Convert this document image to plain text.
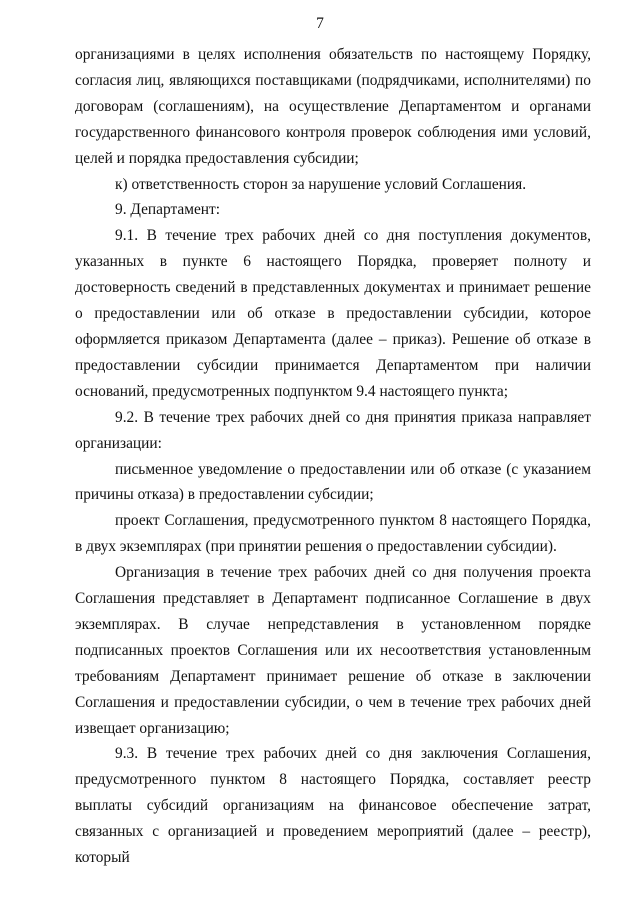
7

организациями в целях исполнения обязательств по настоящему Порядку, согласия лиц, являющихся поставщиками (подрядчиками, исполнителями) по договорам (соглашениям), на осуществление Департаментом и органами государственного финансового контроля проверок соблюдения ими условий, целей и порядка предоставления субсидии;

к) ответственность сторон за нарушение условий Соглашения.

9. Департамент:

9.1. В течение трех рабочих дней со дня поступления документов, указанных в пункте 6 настоящего Порядка, проверяет полноту и достоверность сведений в представленных документах и принимает решение о предоставлении или об отказе в предоставлении субсидии, которое оформляется приказом Департамента (далее – приказ). Решение об отказе в предоставлении субсидии принимается Департаментом при наличии оснований, предусмотренных подпунктом 9.4 настоящего пункта;

9.2. В течение трех рабочих дней со дня принятия приказа направляет организации:

письменное уведомление о предоставлении или об отказе (с указанием причины отказа) в предоставлении субсидии;

проект Соглашения, предусмотренного пунктом 8 настоящего Порядка, в двух экземплярах (при принятии решения о предоставлении субсидии).

Организация в течение трех рабочих дней со дня получения проекта Соглашения представляет в Департамент подписанное Соглашение в двух экземплярах. В случае непредставления в установленном порядке подписанных проектов Соглашения или их несоответствия установленным требованиям Департамент принимает решение об отказе в заключении Соглашения и предоставлении субсидии, о чем в течение трех рабочих дней извещает организацию;

9.3. В течение трех рабочих дней со дня заключения Соглашения, предусмотренного пунктом 8 настоящего Порядка, составляет реестр выплаты субсидий организациям на финансовое обеспечение затрат, связанных с организацией и проведением мероприятий (далее – реестр), который
